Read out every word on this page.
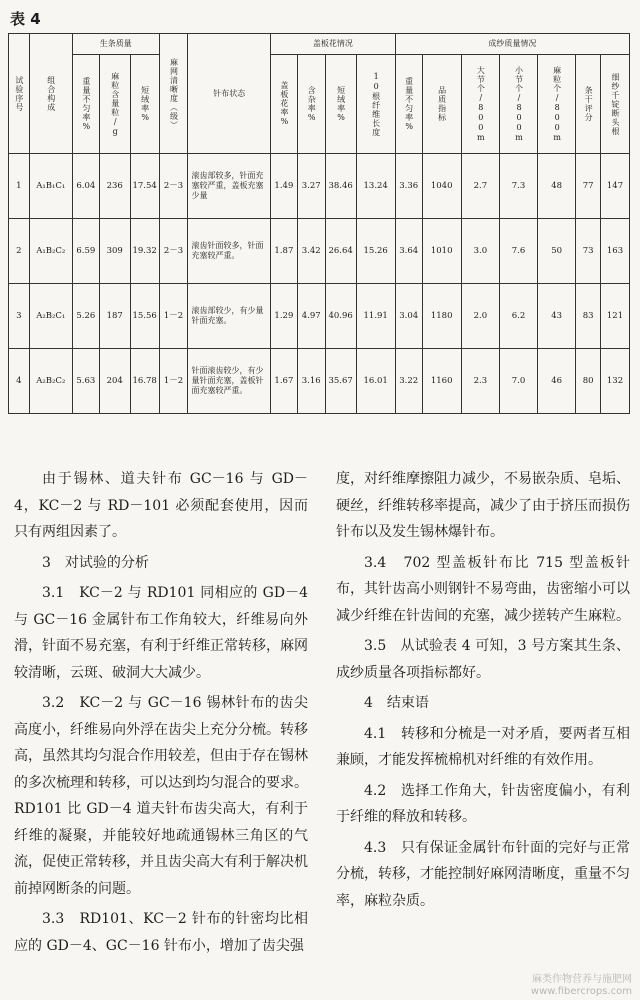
表 4
试验序号	组合构成	生条质量			麻网清晰度（级）	针布状态	盖板花情况				成纱质量情况						

		重量不匀率%	麻粒含量粒/g	短绒率%			盖板花率%	含杂率%	短绒率%	10根纤维长度	重量不匀率%	品质指标	大节个/800m	小节个/800m	麻粒个/800m	条干评分	细纱千锭断头根

1	A₁B₁C₁	6.04	236	17.54	2－3	滚齿部较多，针面充塞较严重，盖板充塞少量	1.49	3.27	38.46	13.24	3.36	1040	2.7	7.3	48	77	147
2	A₁B₂C₂	6.59	309	19.32	2－3	滚齿针面较多，针面充塞较严重。	1.87	3.42	26.64	15.26	3.64	1010	3.0	7.6	50	73	163
3	A₂B₂C₁	5.26	187	15.56	1－2	滚齿部较少，有少量针面充塞。	1.29	4.97	40.96	11.91	3.04	1180	2.0	6.2	43	83	121
4	A₂B₂C₂	5.63	204	16.78	1－2	针面滚齿较少，有少量针面充塞，盖板针面充塞较严重。	1.67	3.16	35.67	16.01	3.22	1160	2.3	7.0	46	80	132

由于锡林、道夫针布 GC－16 与 GD－4，KC－2 与 RD－101 必须配套使用，因而只有两组因素了。

3　对试验的分析

3.1　KC－2 与 RD101 同相应的 GD－4 与 GC－16 金属针布工作角较大，纤维易向外滑，针面不易充塞，有利于纤维正常转移，麻网较清晰，云斑、破洞大大减少。

3.2　KC－2 与 GC－16 锡林针布的齿尖高度小，纤维易向外浮在齿尖上充分分梳。转移高，虽然其均匀混合作用较差，但由于存在锡林的多次梳理和转移，可以达到均匀混合的要求。RD101 比 GD－4 道夫针布齿尖高大，有利于纤维的凝聚，并能较好地疏通锡林三角区的气流，促使正常转移，并且齿尖高大有利于解决机前掉网断条的问题。

3.3　RD101、KC－2 针布的针密均比相应的 GD－4、GC－16 针布小，增加了齿尖强

度，对纤维摩擦阻力减少，不易嵌杂质、皂垢、硬丝，纤维转移率提高，减少了由于挤压而损伤针布以及发生锡林爆针布。

3.4　702 型盖板针布比 715 型盖板针布，其针齿高小则钢针不易弯曲，齿密缩小可以减少纤维在针齿间的充塞，减少搓转产生麻粒。

3.5　从试验表 4 可知，3 号方案其生条、成纱质量各项指标都好。

4　结束语

4.1　转移和分梳是一对矛盾，要两者互相兼顾，才能发挥梳棉机对纤维的有效作用。

4.2　选择工作角大，针齿密度偏小，有利于纤维的释放和转移。

4.3　只有保证金属针布针面的完好与正常分梳，转移，才能控制好麻网清晰度，重量不匀率，麻粒杂质。

麻类作物营养与施肥网
www.fibercrops.com
